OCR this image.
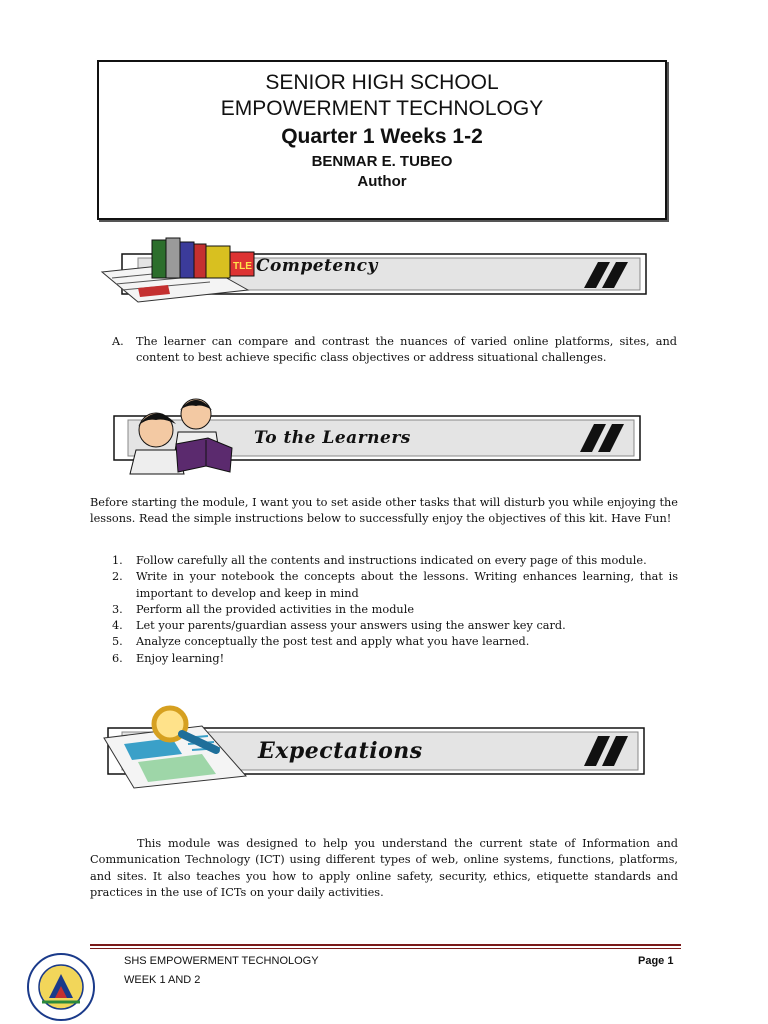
SENIOR HIGH SCHOOL
EMPOWERMENT TECHNOLOGY
Quarter 1 Weeks 1-2
BENMAR E. TUBEO
Author
TLE Competency
A.	The learner can compare and contrast the nuances of varied online platforms, sites, and content to best achieve specific class objectives or address situational challenges.
To the Learners
Before starting the module, I want you to set aside other tasks that will disturb you while enjoying the lessons. Read the simple instructions below to successfully enjoy the objectives of this kit. Have Fun!
1. Follow carefully all the contents and instructions indicated on every page of this module.
2. Write in your notebook the concepts about the lessons. Writing enhances learning, that is important to develop and keep in mind
3. Perform all the provided activities in the module
4. Let your parents/guardian assess your answers using the answer key card.
5. Analyze conceptually the post test and apply what you have learned.
6. Enjoy learning!
Expectations
This module was designed to help you understand the current state of Information and Communication Technology (ICT) using different types of web, online systems, functions, platforms, and sites. It also teaches you how to apply online safety, security, ethics, etiquette standards and practices in the use of ICTs on your daily activities.
SHS EMPOWERMENT TECHNOLOGY
WEEK 1 AND 2
Page 1
